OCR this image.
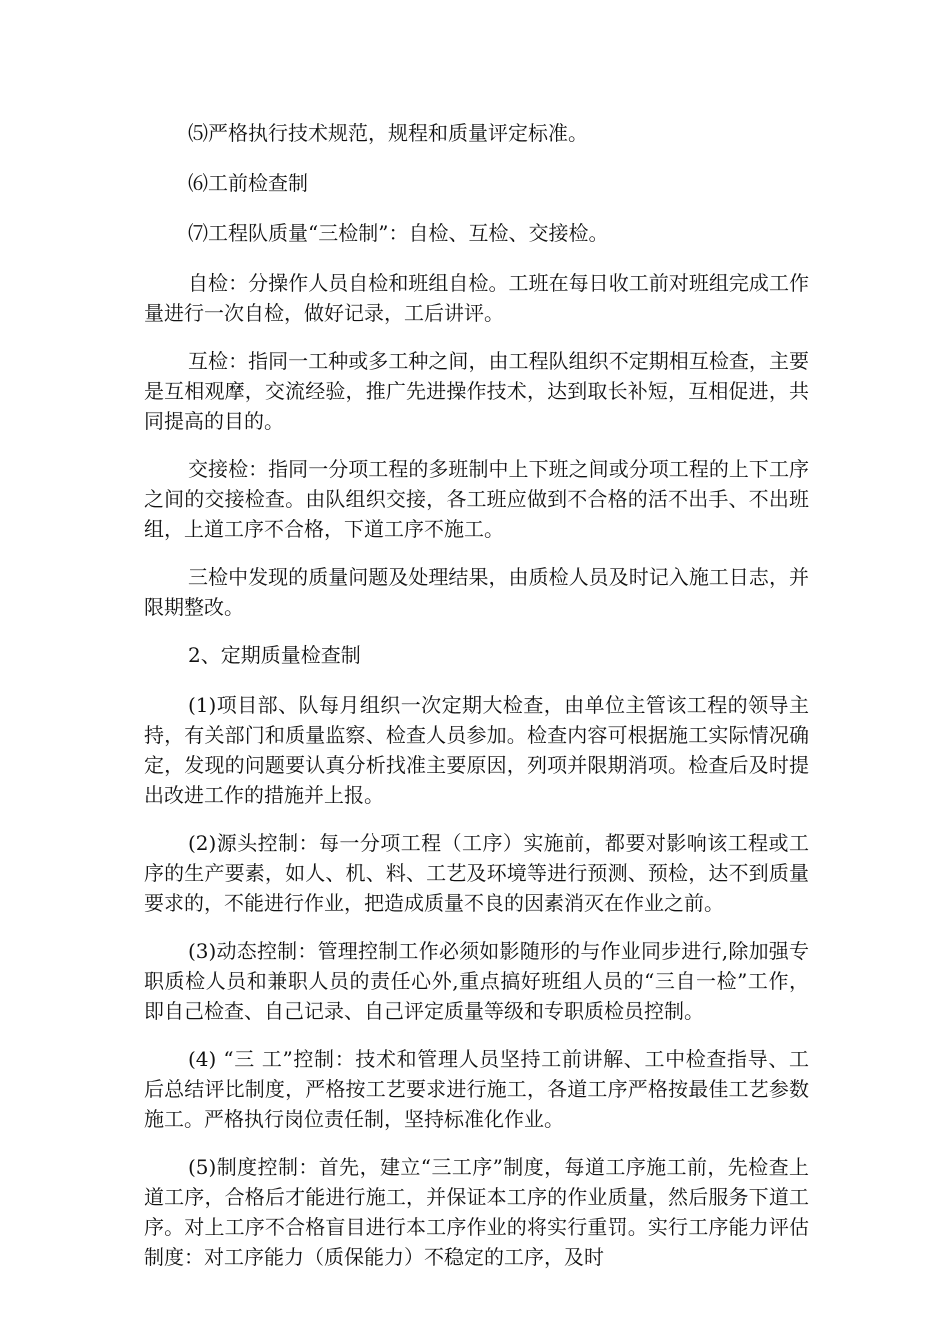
⑸严格执行技术规范，规程和质量评定标准。

⑹工前检查制

⑺工程队质量“三检制”：自检、互检、交接检。

自检：分操作人员自检和班组自检。工班在每日收工前对班组完成工作量进行一次自检，做好记录，工后讲评。

互检：指同一工种或多工种之间，由工程队组织不定期相互检查，主要是互相观摩，交流经验，推广先进操作技术，达到取长补短，互相促进，共同提高的目的。

交接检：指同一分项工程的多班制中上下班之间或分项工程的上下工序之间的交接检查。由队组织交接，各工班应做到不合格的活不出手、不出班组，上道工序不合格，下道工序不施工。

三检中发现的质量问题及处理结果，由质检人员及时记入施工日志，并限期整改。

2、定期质量检查制

(1)项目部、队每月组织一次定期大检查，由单位主管该工程的领导主持，有关部门和质量监察、检查人员参加。检查内容可根据施工实际情况确定，发现的问题要认真分析找准主要原因，列项并限期消项。检查后及时提出改进工作的措施并上报。

(2)源头控制：每一分项工程（工序）实施前，都要对影响该工程或工序的生产要素，如人、机、料、工艺及环境等进行预测、预检，达不到质量要求的，不能进行作业，把造成质量不良的因素消灭在作业之前。

(3)动态控制：管理控制工作必须如影随形的与作业同步进行,除加强专职质检人员和兼职人员的责任心外,重点搞好班组人员的“三自一检”工作，即自己检查、自己记录、自己评定质量等级和专职质检员控制。

(4) “三 工”控制：技术和管理人员坚持工前讲解、工中检查指导、工后总结评比制度，严格按工艺要求进行施工，各道工序严格按最佳工艺参数施工。严格执行岗位责任制，坚持标准化作业。

(5)制度控制：首先，建立“三工序”制度，每道工序施工前，先检查上道工序，合格后才能进行施工，并保证本工序的作业质量，然后服务下道工序。对上工序不合格盲目进行本工序作业的将实行重罚。实行工序能力评估制度：对工序能力（质保能力）不稳定的工序，及时
